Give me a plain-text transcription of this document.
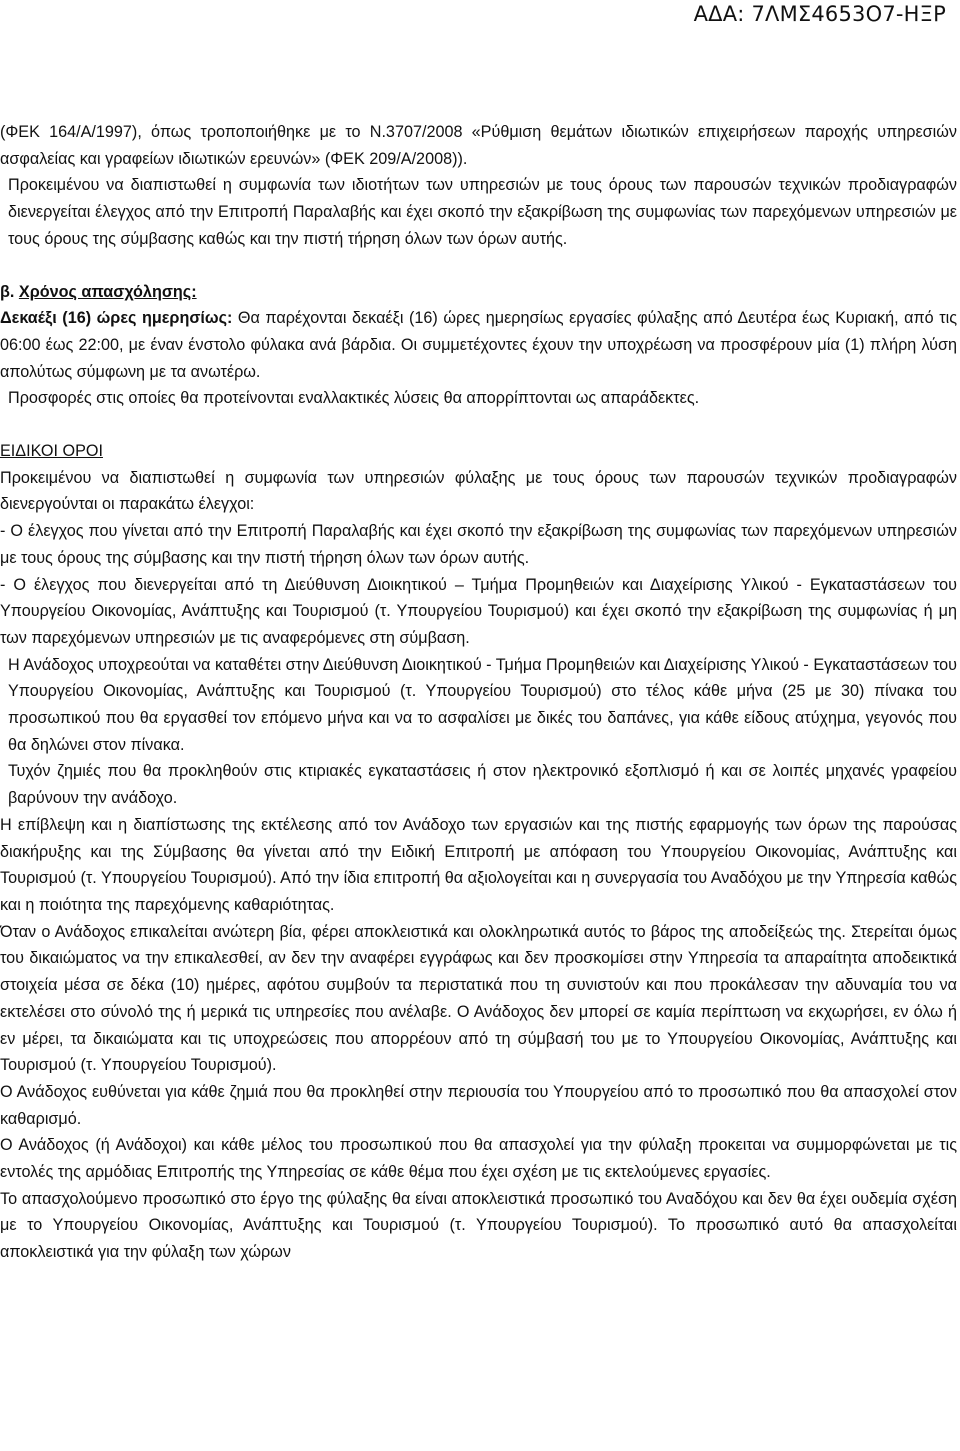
ΑΔΑ: 7ΛΜΣ4653Ο7-ΗΞΡ

(ΦΕΚ 164/Α/1997), όπως τροποποιήθηκε με το Ν.3707/2008 «Ρύθμιση θεμάτων ιδιωτικών επιχειρήσεων παροχής υπηρεσιών ασφαλείας και γραφείων ιδιωτικών ερευνών» (ΦΕΚ 209/Α/2008)).

Προκειμένου να διαπιστωθεί η συμφωνία των ιδιοτήτων των υπηρεσιών με τους όρους των παρουσών τεχνικών προδιαγραφών διενεργείται έλεγχος από την Επιτροπή Παραλαβής και έχει σκοπό την εξακρίβωση της συμφωνίας των παρεχόμενων υπηρεσιών με τους όρους της σύμβασης καθώς και την πιστή τήρηση όλων των όρων αυτής.

β. Χρόνος απασχόλησης:

Δεκαέξι (16) ώρες ημερησίως: Θα παρέχονται δεκαέξι (16) ώρες ημερησίως εργασίες φύλαξης από Δευτέρα έως Κυριακή, από τις 06:00 έως 22:00, με έναν ένστολο φύλακα ανά βάρδια. Οι συμμετέχοντες έχουν την υποχρέωση να προσφέρουν μία (1) πλήρη λύση απολύτως σύμφωνη με τα ανωτέρω.

Προσφορές στις οποίες θα προτείνονται εναλλακτικές λύσεις θα απορρίπτονται ως απαράδεκτες.

ΕΙΔΙΚΟΙ ΟΡΟΙ

Προκειμένου να διαπιστωθεί η συμφωνία των υπηρεσιών φύλαξης με τους όρους των παρουσών τεχνικών προδιαγραφών διενεργούνται οι παρακάτω έλεγχοι:

- Ο έλεγχος που γίνεται από την Επιτροπή Παραλαβής και έχει σκοπό την εξακρίβωση της συμφωνίας των παρεχόμενων υπηρεσιών με τους όρους της σύμβασης και την πιστή τήρηση όλων των όρων αυτής.

- Ο έλεγχος που διενεργείται από τη Διεύθυνση Διοικητικού – Τμήμα Προμηθειών και Διαχείρισης Υλικού - Εγκαταστάσεων του Υπουργείου Οικονομίας, Ανάπτυξης και Τουρισμού (τ. Υπουργείου Τουρισμού) και έχει σκοπό την εξακρίβωση της συμφωνίας ή μη των παρεχόμενων υπηρεσιών με τις αναφερόμενες στη σύμβαση.

Η Ανάδοχος υποχρεούται να καταθέτει στην Διεύθυνση Διοικητικού - Τμήμα Προμηθειών και Διαχείρισης Υλικού - Εγκαταστάσεων του Υπουργείου Οικονομίας, Ανάπτυξης και Τουρισμού (τ. Υπουργείου Τουρισμού) στο τέλος κάθε μήνα (25 με 30) πίνακα του προσωπικού που θα εργασθεί τον επόμενο μήνα και να το ασφαλίσει με δικές του δαπάνες, για κάθε είδους ατύχημα, γεγονός που θα δηλώνει στον πίνακα.

Τυχόν ζημιές που θα προκληθούν στις κτιριακές εγκαταστάσεις ή στον ηλεκτρονικό εξοπλισμό ή και σε λοιπές μηχανές γραφείου βαρύνουν την ανάδοχο.

Η επίβλεψη και η διαπίστωσης της εκτέλεσης από τον Ανάδοχο των εργασιών και της πιστής εφαρμογής των όρων της παρούσας διακήρυξης και της Σύμβασης θα γίνεται από την Ειδική Επιτροπή με απόφαση του Υπουργείου Οικονομίας, Ανάπτυξης και Τουρισμού (τ. Υπουργείου Τουρισμού). Από την ίδια επιτροπή θα αξιολογείται και η συνεργασία του Αναδόχου με την Υπηρεσία καθώς και η ποιότητα της παρεχόμενης καθαριότητας.

Όταν ο Ανάδοχος επικαλείται ανώτερη βία, φέρει αποκλειστικά και ολοκληρωτικά αυτός το βάρος της αποδείξεώς της. Στερείται όμως του δικαιώματος να την επικαλεσθεί, αν δεν την αναφέρει εγγράφως και δεν προσκομίσει στην Υπηρεσία τα απαραίτητα αποδεικτικά στοιχεία μέσα σε δέκα (10) ημέρες, αφότου συμβούν τα περιστατικά που τη συνιστούν και που προκάλεσαν την αδυναμία του να εκτελέσει στο σύνολό της ή μερικά τις υπηρεσίες που ανέλαβε. Ο Ανάδοχος δεν μπορεί σε καμία περίπτωση να εκχωρήσει, εν όλω ή εν μέρει, τα δικαιώματα και τις υποχρεώσεις που απορρέουν από τη σύμβασή του με το Υπουργείου Οικονομίας, Ανάπτυξης και Τουρισμού (τ. Υπουργείου Τουρισμού).

Ο Ανάδοχος ευθύνεται για κάθε ζημιά που θα προκληθεί στην περιουσία του Υπουργείου από το προσωπικό που θα απασχολεί στον καθαρισμό.

Ο Ανάδοχος (ή Ανάδοχοι) και κάθε μέλος του προσωπικού που θα απασχολεί για την φύλαξη προκειται να συμμορφώνεται με τις εντολές της αρμόδιας Επιτροπής της Υπηρεσίας σε κάθε θέμα που έχει σχέση με τις εκτελούμενες εργασίες.

Το απασχολούμενο προσωπικό στο έργο της φύλαξης θα είναι αποκλειστικά προσωπικό του Αναδόχου και δεν θα έχει ουδεμία σχέση με το Υπουργείου Οικονομίας, Ανάπτυξης και Τουρισμού (τ. Υπουργείου Τουρισμού). Το προσωπικό αυτό θα απασχολείται αποκλειστικά για την φύλαξη των χώρων
